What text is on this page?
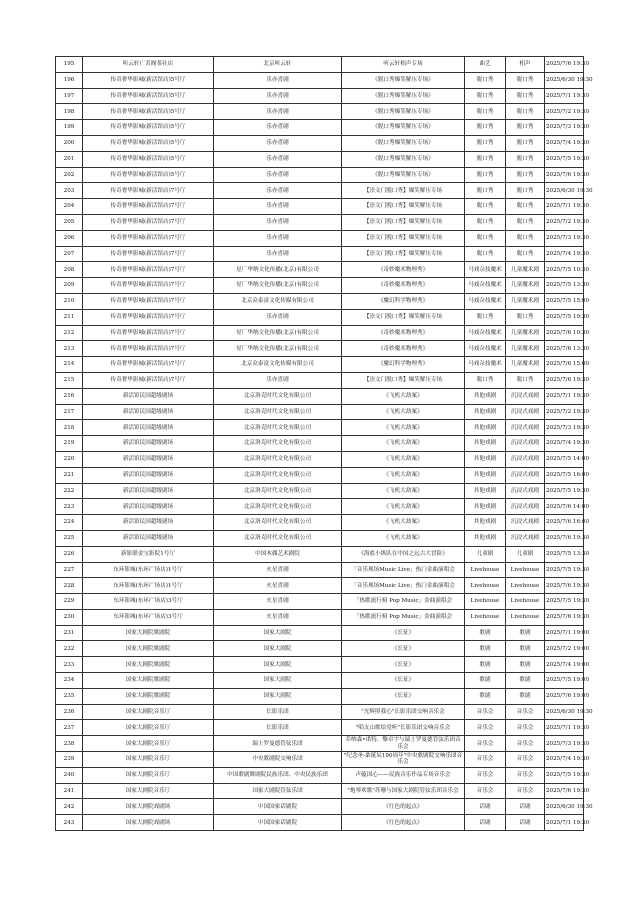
195	听云轩广茗阁茶社店	北京听云轩	听云轩相声专场	曲艺	相声	2025/7/6 19:30
196	传奇奢华影城(新活馆店)5号厅	乐亦喜剧	《脱口秀爆笑解压专场》	脱口秀	脱口秀	2025/6/30 19:30
197	传奇奢华影城(新活馆店)5号厅	乐亦喜剧	《脱口秀爆笑解压专场》	脱口秀	脱口秀	2025/7/1 19:30
198	传奇奢华影城(新活馆店)5号厅	乐亦喜剧	《脱口秀爆笑解压专场》	脱口秀	脱口秀	2025/7/2 19:30
199	传奇奢华影城(新活馆店)5号厅	乐亦喜剧	《脱口秀爆笑解压专场》	脱口秀	脱口秀	2025/7/3 19:30
200	传奇奢华影城(新活馆店)5号厅	乐亦喜剧	《脱口秀爆笑解压专场》	脱口秀	脱口秀	2025/7/4 19:30
201	传奇奢华影城(新活馆店)5号厅	乐亦喜剧	《脱口秀爆笑解压专场》	脱口秀	脱口秀	2025/7/5 19:30
202	传奇奢华影城(新活馆店)5号厅	乐亦喜剧	《脱口秀爆笑解压专场》	脱口秀	脱口秀	2025/7/6 19:30
203	传奇奢华影城(新活馆店)7号厅	乐亦喜剧	【崇文门脱口秀】爆笑解压专场	脱口秀	脱口秀	2025/6/30 19:30
204	传奇奢华影城(新活馆店)7号厅	乐亦喜剧	【崇文门脱口秀】爆笑解压专场	脱口秀	脱口秀	2025/7/1 19:30
205	传奇奢华影城(新活馆店)7号厅	乐亦喜剧	【崇文门脱口秀】爆笑解压专场	脱口秀	脱口秀	2025/7/2 19:30
206	传奇奢华影城(新活馆店)7号厅	乐亦喜剧	【崇文门脱口秀】爆笑解压专场	脱口秀	脱口秀	2025/7/3 19:30
207	传奇奢华影城(新活馆店)7号厅	乐亦喜剧	【崇文门脱口秀】爆笑解压专场	脱口秀	脱口秀	2025/7/4 19:30
208	传奇奢华影城(新活馆店)7号厅	星厂华纳文化传播(北京)有限公司	《奇妙魔术物理秀》	马戏杂技魔术	儿童魔术剧	2025/7/5 10:30
209	传奇奢华影城(新活馆店)7号厅	星厂华纳文化传播(北京)有限公司	《奇妙魔术物理秀》	马戏杂技魔术	儿童魔术剧	2025/7/5 13:30
210	传奇奢华影城(新活馆店)7号厅	北京众泰富文化传媒有限公司	《魔幻科学物理秀》	马戏杂技魔术	儿童魔术剧	2025/7/5 15:00
211	传奇奢华影城(新活馆店)7号厅	乐亦喜剧	【崇文门脱口秀】爆笑解压专场	脱口秀	脱口秀	2025/7/5 19:30
212	传奇奢华影城(新活馆店)7号厅	星厂华纳文化传播(北京)有限公司	《奇妙魔术物理秀》	马戏杂技魔术	儿童魔术剧	2025/7/6 10:30
213	传奇奢华影城(新活馆店)7号厅	星厂华纳文化传播(北京)有限公司	《奇妙魔术物理秀》	马戏杂技魔术	儿童魔术剧	2025/7/6 13:30
214	传奇奢华影城(新活馆店)7号厅	北京众泰富文化传媒有限公司	《魔幻科学物理秀》	马戏杂技魔术	儿童魔术剧	2025/7/6 15:00
215	传奇奢华影城(新活馆店)7号厅	乐亦喜剧	【崇文门脱口秀】爆笑解压专场	脱口秀	脱口秀	2025/7/6 19:30
216	新活馆民国超级剧场	北京洛克时代文化有限公司	《飞机大劫案》	其他戏剧	沉浸式戏剧	2025/7/1 19:30
217	新活馆民国超级剧场	北京洛克时代文化有限公司	《飞机大劫案》	其他戏剧	沉浸式戏剧	2025/7/2 19:30
218	新活馆民国超级剧场	北京洛克时代文化有限公司	《飞机大劫案》	其他戏剧	沉浸式戏剧	2025/7/3 19:30
219	新活馆民国超级剧场	北京洛克时代文化有限公司	《飞机大劫案》	其他戏剧	沉浸式戏剧	2025/7/4 19:30
220	新活馆民国超级剧场	北京洛克时代文化有限公司	《飞机大劫案》	其他戏剧	沉浸式戏剧	2025/7/5 14:00
221	新活馆民国超级剧场	北京洛克时代文化有限公司	《飞机大劫案》	其他戏剧	沉浸式戏剧	2025/7/5 16:00
222	新活馆民国超级剧场	北京洛克时代文化有限公司	《飞机大劫案》	其他戏剧	沉浸式戏剧	2025/7/5 19:30
223	新活馆民国超级剧场	北京洛克时代文化有限公司	《飞机大劫案》	其他戏剧	沉浸式戏剧	2025/7/6 14:00
224	新活馆民国超级剧场	北京洛克时代文化有限公司	《飞机大劫案》	其他戏剧	沉浸式戏剧	2025/7/6 16:00
225	新活馆民国超级剧场	北京洛克时代文化有限公司	《飞机大劫案》	其他戏剧	沉浸式戏剧	2025/7/6 19:30
226	新影联金宝影院1号厅	中国木偶艺术剧院	《海底小纵队在中国之远古大冒险》	儿童剧	儿童剧	2025/7/5 13:30
227	东环影城(东环广场店)1号厅	火星喜剧	「音乐现场Music Live」热门金曲演唱会	Livehouse	Livehouse	2025/7/5 19:30
228	东环影城(东环广场店)1号厅	火星喜剧	「音乐现场Music Live」热门金曲演唱会	Livehouse	Livehouse	2025/7/6 19:30
229	东环影城(东环广场店)3号厅	火星喜剧	「热歌流行榜 Pop Music」金曲演唱会	Livehouse	Livehouse	2025/7/5 19:30
230	东环影城(东环广场店)3号厅	火星喜剧	「热歌流行榜 Pop Music」金曲演唱会	Livehouse	Livehouse	2025/7/6 19:30
231	国家大剧院歌剧院	国家大剧院	《长征》	歌剧	歌剧	2025/7/1 19:00
232	国家大剧院歌剧院	国家大剧院	《长征》	歌剧	歌剧	2025/7/2 19:00
233	国家大剧院歌剧院	国家大剧院	《长征》	歌剧	歌剧	2025/7/4 19:00
234	国家大剧院歌剧院	国家大剧院	《长征》	歌剧	歌剧	2025/7/5 19:00
235	国家大剧院歌剧院	国家大剧院	《长征》	歌剧	歌剧	2025/7/6 19:00
236	国家大剧院音乐厅	长影乐团	"光辉照我心"长影乐团交响音乐会	音乐会	音乐会	2025/6/30 19:30
237	国家大剧院音乐厅	长影乐团	"唱支山歌给党听"长影乐团交响音乐会	音乐会	音乐会	2025/7/1 19:30
238	国家大剧院音乐厅	瑞士罗曼德管弦乐团	乔纳森•诺特、黎卓宇与瑞士罗曼德管弦乐团音乐会	音乐会	音乐会	2025/7/3 19:30
239	国家大剧院音乐厅	中央歌剧院交响乐团	"纪念圣-桑诞辰190周年"中央歌剧院交响乐团音乐会	音乐会	音乐会	2025/7/4 19:30
240	国家大剧院音乐厅	中国歌剧舞剧院民族乐团、中央民族乐团	声蕴国心——民族音乐作品专场音乐会	音乐会	音乐会	2025/7/5 19:30
241	国家大剧院音乐厅	国家大剧院管弦乐团	"炮琴欢歌"苏珊与国家大剧院管弦乐团音乐会	音乐会	音乐会	2025/7/6 19:30
242	国家大剧院戏剧场	中国国家话剧院	《红色的起点》	话剧	话剧	2025/6/30 19:30
243	国家大剧院戏剧场	中国国家话剧院	《红色的起点》	话剧	话剧	2025/7/1 19:30
